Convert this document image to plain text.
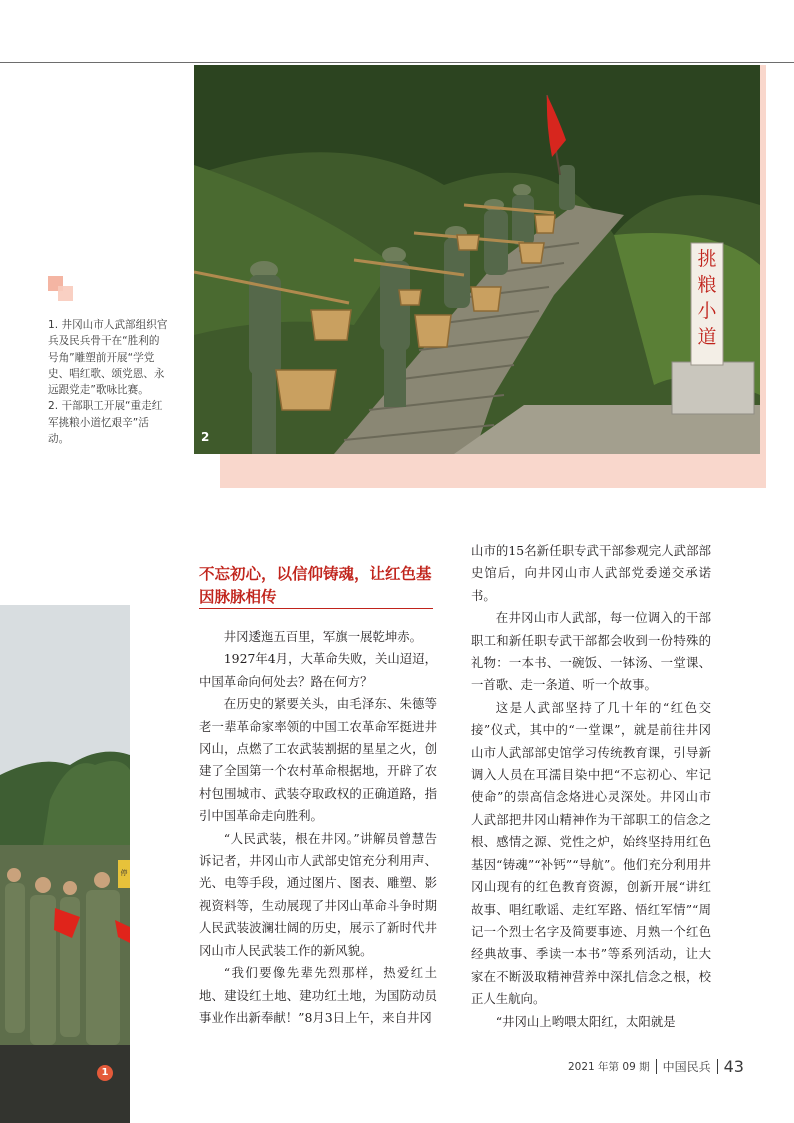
挑粮小道
2

1. 井冈山市人武部组织官兵及民兵骨干在“胜利的号角”雕塑前开展“学党史、唱红歌、颂党恩、永远跟党走”歌咏比赛。

2. 干部职工开展“重走红军挑粮小道忆艰辛”活动。

停
1
不忘初心，以信仰铸魂，让红色基因脉脉相传

井冈逶迤五百里，军旗一展乾坤赤。

1927年4月，大革命失败，关山迢迢，中国革命向何处去？路在何方？

在历史的紧要关头，由毛泽东、朱德等老一辈革命家率领的中国工农革命军挺进井冈山，点燃了工农武装割据的星星之火，创建了全国第一个农村革命根据地，开辟了农村包围城市、武装夺取政权的正确道路，指引中国革命走向胜利。

“人民武装，根在井冈。”讲解员曾慧告诉记者，井冈山市人武部史馆充分利用声、光、电等手段，通过图片、图表、雕塑、影视资料等，生动展现了井冈山革命斗争时期人民武装波澜壮阔的历史，展示了新时代井冈山市人民武装工作的新风貌。

“我们要像先辈先烈那样，热爱红土地、建设红土地、建功红土地，为国防动员事业作出新奉献！”8月3日上午，来自井冈

山市的15名新任职专武干部参观完人武部部史馆后，向井冈山市人武部党委递交承诺书。

在井冈山市人武部，每一位调入的干部职工和新任职专武干部都会收到一份特殊的礼物：一本书、一碗饭、一钵汤、一堂课、一首歌、走一条道、听一个故事。

这是人武部坚持了几十年的“红色交接”仪式，其中的“一堂课”，就是前往井冈山市人武部部史馆学习传统教育课，引导新调入人员在耳濡目染中把“不忘初心、牢记使命”的崇高信念烙进心灵深处。井冈山市人武部把井冈山精神作为干部职工的信念之根、感情之源、党性之炉，始终坚持用红色基因“铸魂”“补钙”“导航”。他们充分利用井冈山现有的红色教育资源，创新开展“讲红故事、唱红歌谣、走红军路、悟红军情”“周记一个烈士名字及简要事迹、月熟一个红色经典故事、季读一本书”等系列活动，让大家在不断汲取精神营养中深扎信念之根，校正人生航向。

“井冈山上哟喂太阳红，太阳就是

2021 年第 09 期 中国民兵 43
